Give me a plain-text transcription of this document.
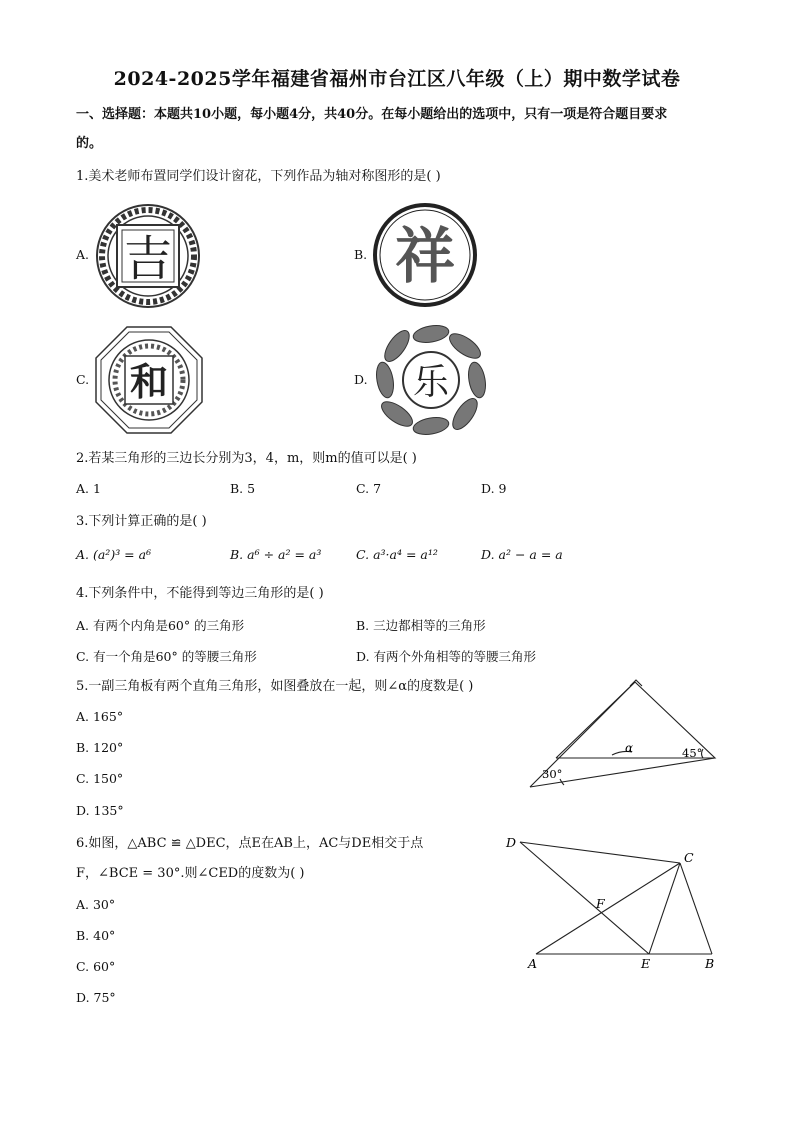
2024-2025学年福建省福州市台江区八年级（上）期中数学试卷
一、选择题：本题共10小题，每小题4分，共40分。在每小题给出的选项中，只有一项是符合题目要求
的。
1.美术老师布置同学们设计窗花，下列作品为轴对称图形的是( )
A. 吉	B. 祥
C. 和	D. 乐
2.若某三角形的三边长分别为3，4，m，则m的值可以是( )
A. 1	B. 5	C. 7	D. 9
3.下列计算正确的是( )
A. (a²)³ = a⁶	B. a⁶ ÷ a² = a³	C. a³·a⁴ = a¹²	D. a² − a = a
4.下列条件中，不能得到等边三角形的是( )
A. 有两个内角是60° 的三角形	B. 三边都相等的三角形
C. 有一个角是60° 的等腰三角形	D. 有两个外角相等的等腰三角形
5.一副三角板有两个直角三角形，如图叠放在一起，则∠α的度数是( )
A. 165°
B. 120°
C. 150°
D. 135°
α	45°
30°
6.如图，△ABC ≌ △DEC，点E在AB上，AC与DE相交于点
F，∠BCE = 30°.则∠CED的度数为( )
A. 30°
B. 40°
C. 60°
D. 75°
D
C
F
A	E	B
